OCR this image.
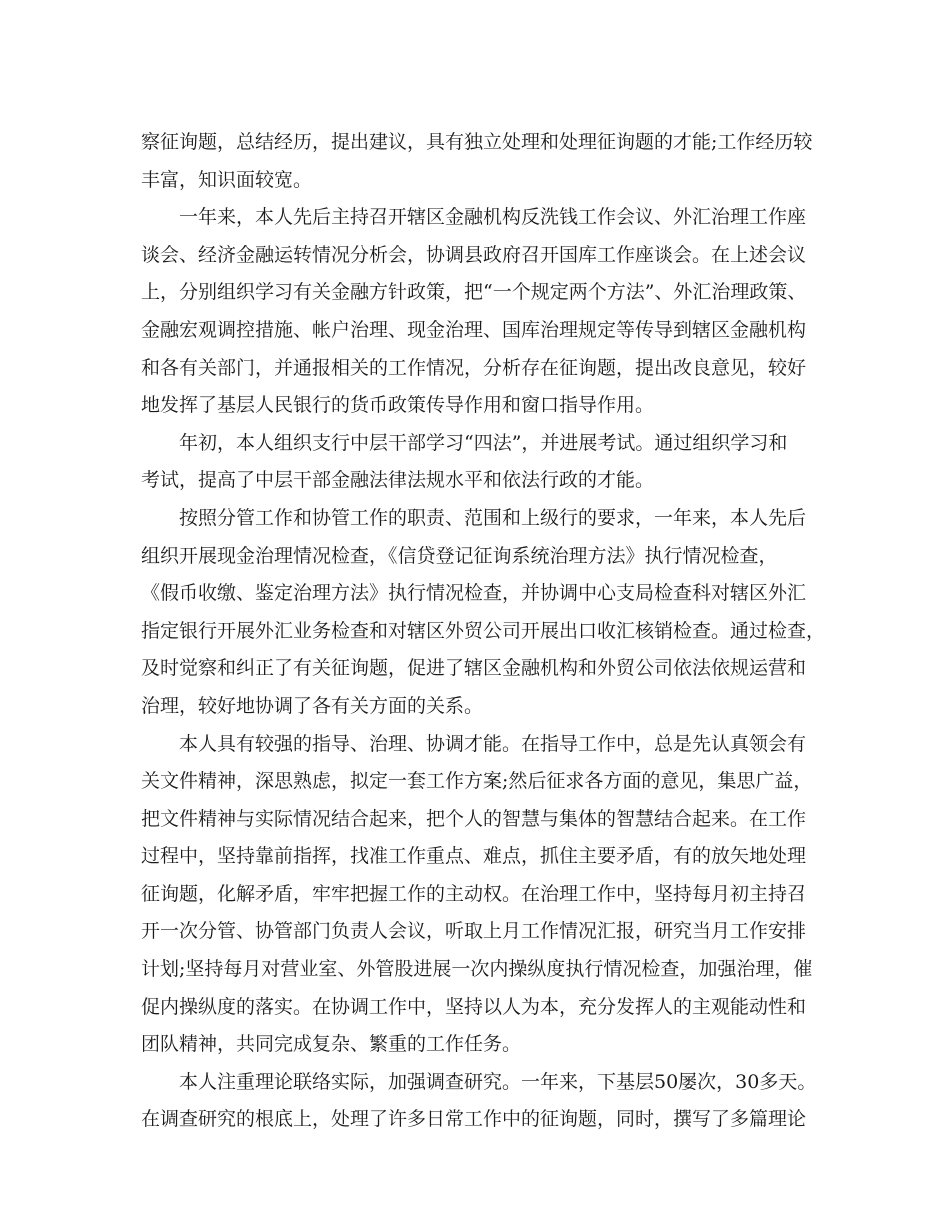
察征询题，总结经历，提出建议，具有独立处理和处理征询题的才能;工作经历较
丰富，知识面较宽。
一年来，本人先后主持召开辖区金融机构反洗钱工作会议、外汇治理工作座
谈会、经济金融运转情况分析会，协调县政府召开国库工作座谈会。在上述会议
上，分别组织学习有关金融方针政策，把“一个规定两个方法”、外汇治理政策、
金融宏观调控措施、帐户治理、现金治理、国库治理规定等传导到辖区金融机构
和各有关部门，并通报相关的工作情况，分析存在征询题，提出改良意见，较好
地发挥了基层人民银行的货币政策传导作用和窗口指导作用。
年初，本人组织支行中层干部学习“四法”，并进展考试。通过组织学习和
考试，提高了中层干部金融法律法规水平和依法行政的才能。
按照分管工作和协管工作的职责、范围和上级行的要求，一年来，本人先后
组织开展现金治理情况检查，《信贷登记征询系统治理方法》执行情况检查，
《假币收缴、鉴定治理方法》执行情况检查，并协调中心支局检查科对辖区外汇
指定银行开展外汇业务检查和对辖区外贸公司开展出口收汇核销检查。通过检查，
及时觉察和纠正了有关征询题，促进了辖区金融机构和外贸公司依法依规运营和
治理，较好地协调了各有关方面的关系。
本人具有较强的指导、治理、协调才能。在指导工作中，总是先认真领会有
关文件精神，深思熟虑，拟定一套工作方案;然后征求各方面的意见，集思广益，
把文件精神与实际情况结合起来，把个人的智慧与集体的智慧结合起来。在工作
过程中，坚持靠前指挥，找准工作重点、难点，抓住主要矛盾，有的放矢地处理
征询题，化解矛盾，牢牢把握工作的主动权。在治理工作中，坚持每月初主持召
开一次分管、协管部门负责人会议，听取上月工作情况汇报，研究当月工作安排
计划;坚持每月对营业室、外管股进展一次内操纵度执行情况检查，加强治理，催
促内操纵度的落实。在协调工作中，坚持以人为本，充分发挥人的主观能动性和
团队精神，共同完成复杂、繁重的工作任务。
本人注重理论联络实际，加强调查研究。一年来，下基层50屡次，30多天。
在调查研究的根底上，处理了许多日常工作中的征询题，同时，撰写了多篇理论
